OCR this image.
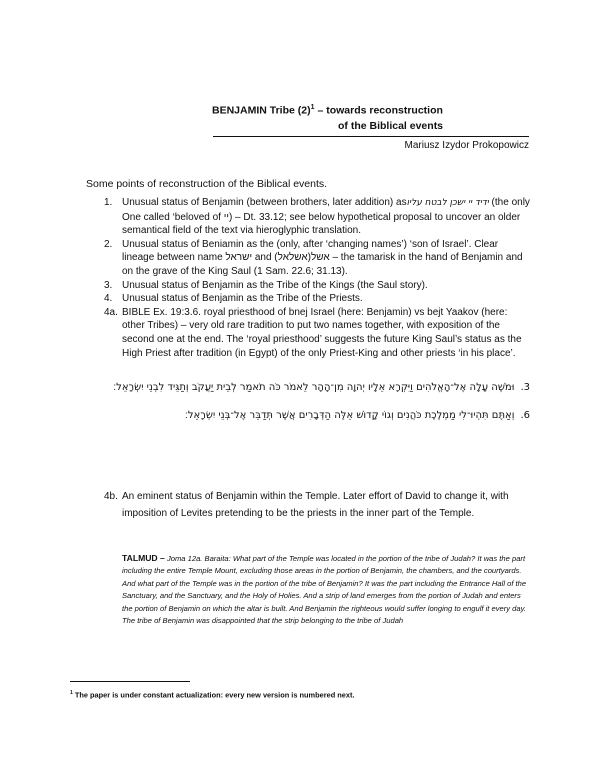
BENJAMIN Tribe $(2)^1$ – towards reconstruction
of the Biblical events
Mariusz Izydor Prokopowicz
Some points of reconstruction of the Biblical events.
1. Unusual status of Benjamin (between brothers, later addition) asידיד יי ישכן לבטח עליו (the only One called ‘beloved of יי) – Dt. 33.12; see below hypothetical proposal to uncover an older semantical field of the text via hieroglyphic translation.
2. Unusual status of Beniamin as the (only, after ‘changing names’) ‘son of Israel’. Clear lineage between name ישראל and אשל(אשלאל) – the tamarisk in the hand of Benjamin and on the grave of the King Saul (1 Sam. 22.6; 31.13).
3. Unusual status of Benjamin as the Tribe of the Kings (the Saul story).
4. Unusual status of Benjamin as the Tribe of the Priests.
4a. BIBLE Ex. 19:3.6. royal priesthood of bnej Israel (here: Benjamin) vs bejt Yaakov (here: other Tribes) – very old rare tradition to put two names together, with exposition of the second one at the end. The ‘royal priesthood’ suggests the future King Saul’s status as the High Priest after tradition (in Egypt) of the only Priest-King and other priests ‘in his place’.
3.וּמֹשֶׁה עָלָה אֶל־הָאֱלֹהִים וַיִּקְרָא אֵלָיו יְהוָה מִן־הָהָר לֵאמֹר כֹּה תֹאמַר לְבֵית יַעֲקֹב וְתַגֵּיד לִבְנֵי יִשְׂרָאֵל׃
6.וְאַתֶּם תִּהְיוּ־לִי מַמְלֶכֶת כֹּהֲנִים וְגוֹי קָדוֹשׁ אֵלֶּה הַדְּבָרִים אֲשֶׁר תְּדַבֵּר אֶל־בְּנֵי יִשְׂרָאֵל׃
4b. An eminent status of Benjamin within the Temple. Later effort of David to change it, with imposition of Levites pretending to be the priests in the inner part of the Temple.
TALMUD – Joma 12a. Baraita: What part of the Temple was located in the portion of the tribe of Judah? It was the part including the entire Temple Mount, excluding those areas in the portion of Benjamin, the chambers, and the courtyards. And what part of the Temple was in the portion of the tribe of Benjamin? It was the part including the Entrance Hall of the Sanctuary, and the Sanctuary, and the Holy of Holies. And a strip of land emerges from the portion of Judah and enters the portion of Benjamin on which the altar is built. And Benjamin the righteous would suffer longing to engulf it every day. The tribe of Benjamin was disappointed that the strip belonging to the tribe of Judah
$^1$ The paper is under constant actualization: every new version is numbered next.
